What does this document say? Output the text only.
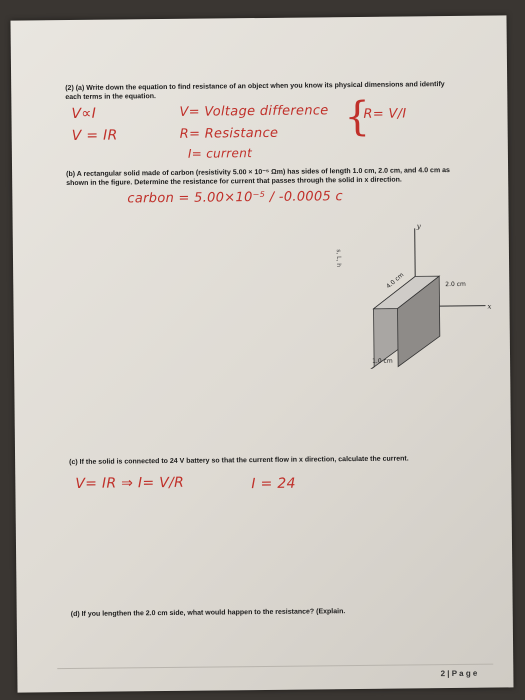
(2) (a) Write down the equation to find resistance of an object when you know its physical dimensions and identify each terms in the equation.
V∝I
V = IR
V= Voltage difference
R= Resistance
I= current
{
R= V/I
(b) A rectangular solid made of carbon (resistivity 5.00 × 10⁻⁵ Ωm) has sides of length 1.0 cm, 2.0 cm, and 4.0 cm as shown in the figure. Determine the resistance for current that passes through the solid in x direction.
carbon = 5.00×10⁻⁵ / -0.0005 c
s, L, h
y
x
4.0 cm	2.0 cm
1.0 cm
(c) If the solid is connected to 24 V battery so that the current flow in x direction, calculate the current.
V= IR ⇒ I= V/R	I = 24
(d) If you lengthen the 2.0 cm side, what would happen to the resistance? (Explain.
2 | P a g e
